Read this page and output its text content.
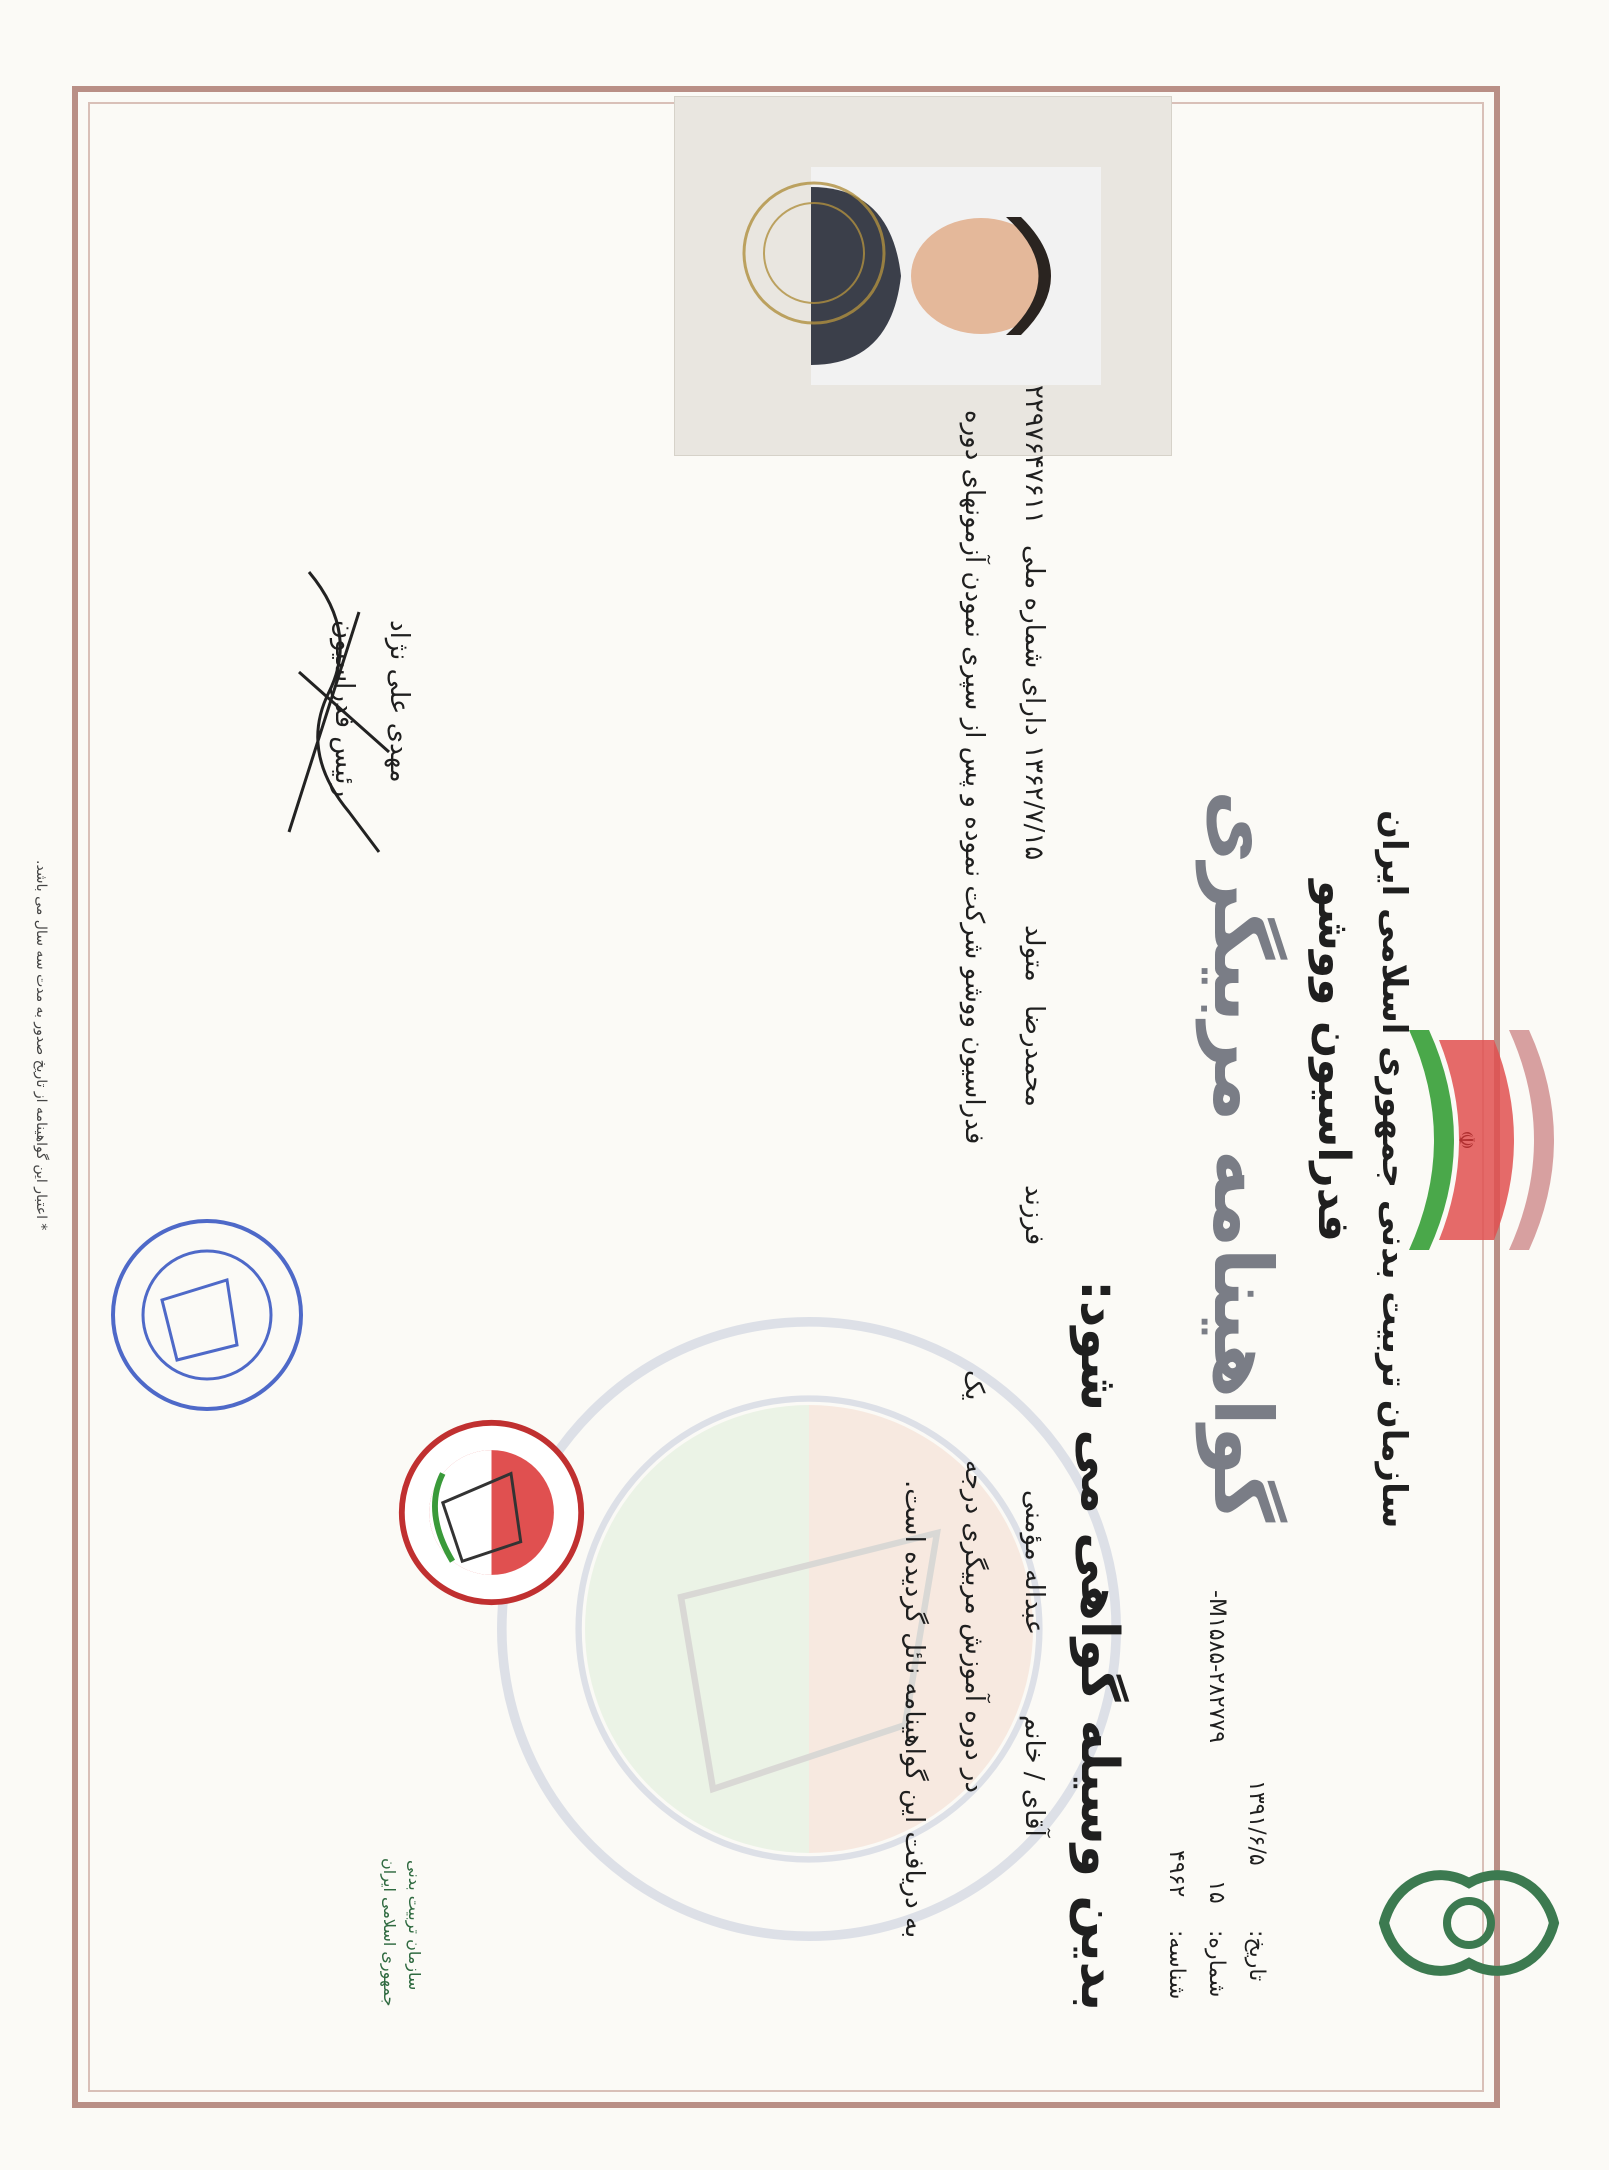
☫
سازمان تربیت بدنی
جمهوری اسلامی ایران
سازمان تربیت بدنی جمهوری اسلامی ایران
فدراسیون ووشو
گواهینامه مربیگری
تاریخ:
۱۳۹۱/۶/۵
شماره:
M۱۵۸۵-۲۸۲۷۷۹-
۱۵
شناسه:
۴۹۶۲
بدین وسیله گواهی می شود:
آقای / خانم
عبداله مؤمنی
فرزند
محمدرضا
متولد
۱۳۶۲/۷/۱۵
دارای شماره ملی
۲۲۹۷۶۴۷۶۱۱
در دوره آموزش مربیگری درجه
یک
فدراسیون ووشو شرکت نموده و پس از سپری نمودن آزمونهای دوره
به دریافت این گواهینامه نائل گردیده است.
مهدی علی نژاد
رئیس فدراسیون
* اعتبار این گواهینامه از تاریخ صدور به مدت سه سال می باشد.
